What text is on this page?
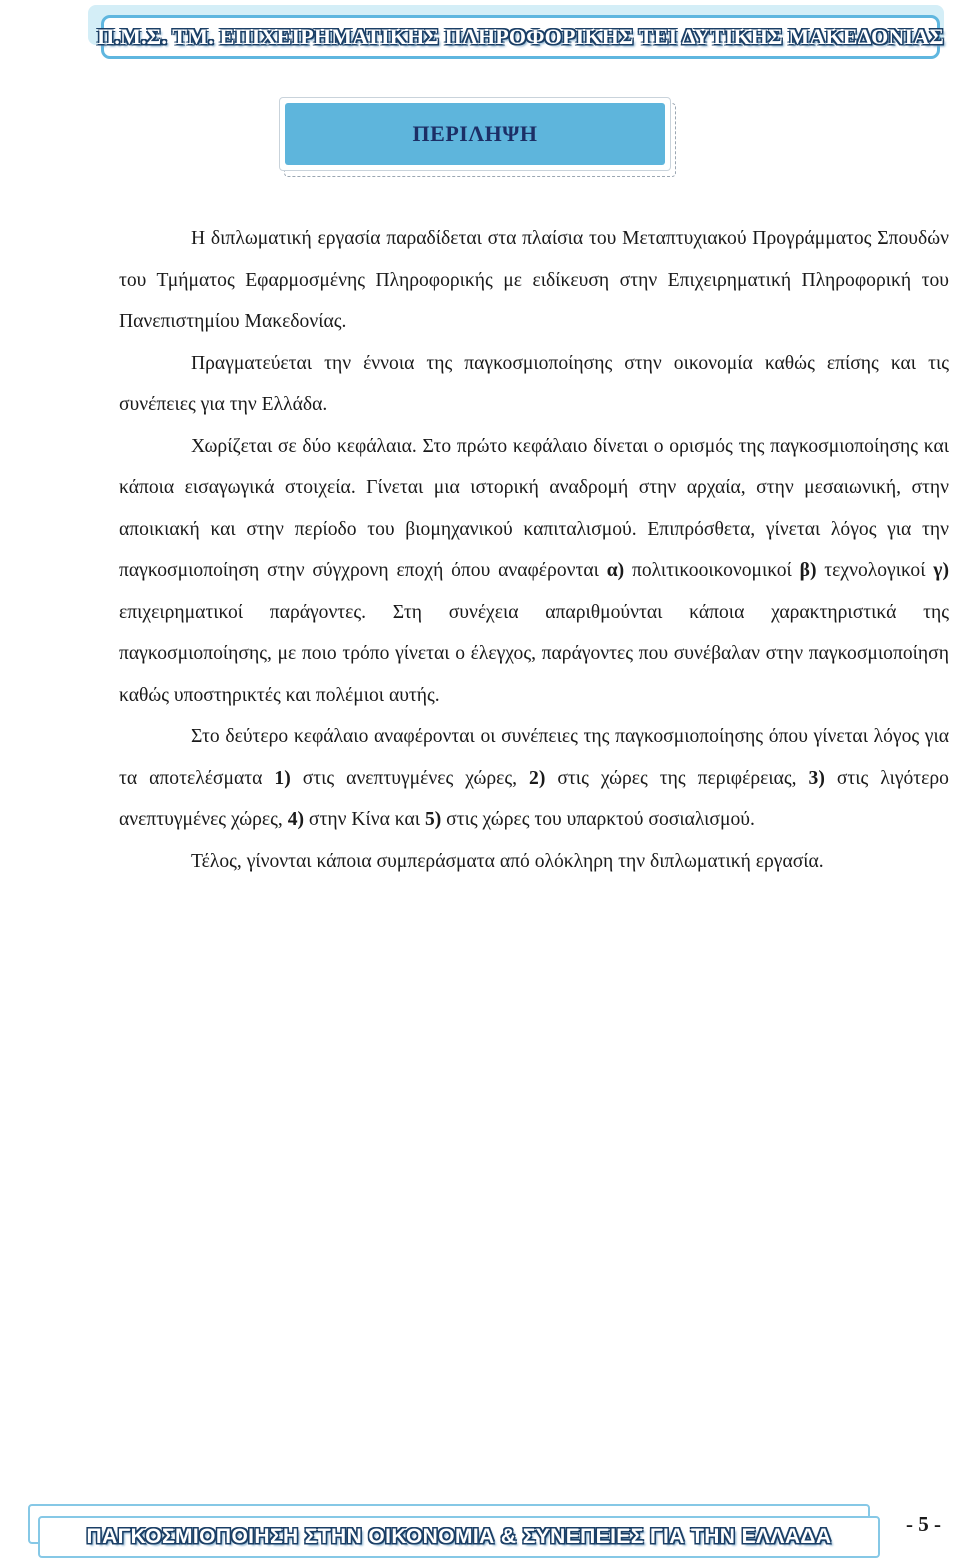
Π.Μ.Σ. ΤΜ. ΕΠΙΧΕΙΡΗΜΑΤΙΚΗΣ ΠΛΗΡΟΦΟΡΙΚΗΣ ΤΕΙ ΔΥΤΙΚΗΣ ΜΑΚΕΔΟΝΙΑΣ
ΠΕΡΙΛΗΨΗ

Η διπλωματική εργασία παραδίδεται στα πλαίσια του Μεταπτυχιακού Προγράμματος Σπουδών του Τμήματος Εφαρμοσμένης Πληροφορικής με ειδίκευση στην Επιχειρηματική Πληροφορική του Πανεπιστημίου Μακεδονίας.

Πραγματεύεται την έννοια της παγκοσμιοποίησης στην οικονομία καθώς επίσης και τις συνέπειες για την Ελλάδα.

Χωρίζεται σε δύο κεφάλαια. Στο πρώτο κεφάλαιο δίνεται ο ορισμός της παγκοσμιοποίησης και κάποια εισαγωγικά στοιχεία. Γίνεται μια ιστορική αναδρομή στην αρχαία, στην μεσαιωνική, στην αποικιακή και στην περίοδο του βιομηχανικού καπιταλισμού. Επιπρόσθετα, γίνεται λόγος για την παγκοσμιοποίηση στην σύγχρονη εποχή όπου αναφέρονται α) πολιτικοοικονομικοί β) τεχνολογικοί γ) επιχειρηματικοί παράγοντες. Στη συνέχεια απαριθμούνται κάποια χαρακτηριστικά της παγκοσμιοποίησης, με ποιο τρόπο γίνεται ο έλεγχος, παράγοντες που συνέβαλαν στην παγκοσμιοποίηση καθώς υποστηρικτές και πολέμιοι αυτής.

Στο δεύτερο κεφάλαιο αναφέρονται οι συνέπειες της παγκοσμιοποίησης όπου γίνεται λόγος για τα αποτελέσματα 1) στις ανεπτυγμένες χώρες, 2) στις χώρες της περιφέρειας, 3) στις λιγότερο ανεπτυγμένες χώρες, 4) στην Κίνα και 5) στις χώρες του υπαρκτού σοσιαλισμού.

Τέλος, γίνονται κάποια συμπεράσματα από ολόκληρη την διπλωματική εργασία.

ΠΑΓΚΟΣΜΙΟΠΟΙΗΣΗ ΣΤΗΝ ΟΙΚΟΝΟΜΙΑ & ΣΥΝΕΠΕΙΕΣ ΓΙΑ ΤΗΝ ΕΛΛΑΔΑ
- 5 -
